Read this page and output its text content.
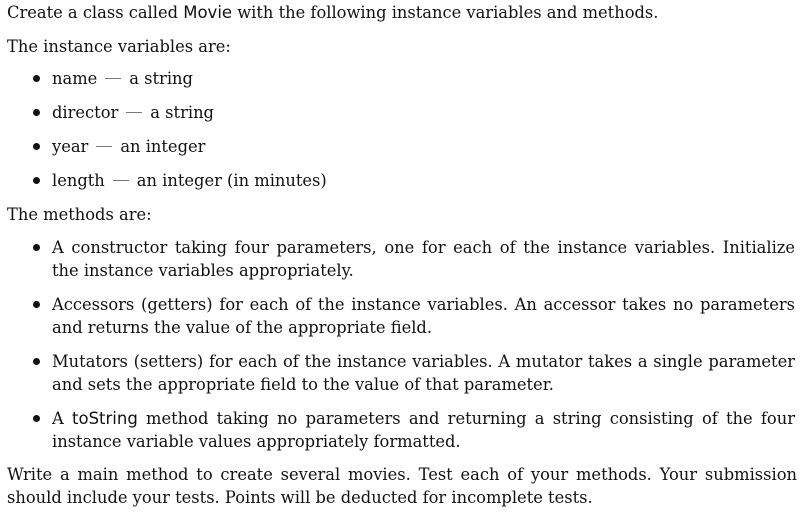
Create a class called Movie with the following instance variables and methods.

The instance variables are:

name a string
director a string
year an integer
length an integer (in minutes)

The methods are:

A constructor taking four parameters, one for each of the instance variables. Initialize the instance variables appropriately.

Accessors (getters) for each of the instance variables. An accessor takes no parameters and returns the value of the appropriate field.

Mutators (setters) for each of the instance variables. A mutator takes a single parameter and sets the appropriate field to the value of that parameter.

A toString method taking no parameters and returning a string consisting of the four instance variable values appropriately formatted.

Write a main method to create several movies. Test each of your methods. Your submission should include your tests. Points will be deducted for incomplete tests.
